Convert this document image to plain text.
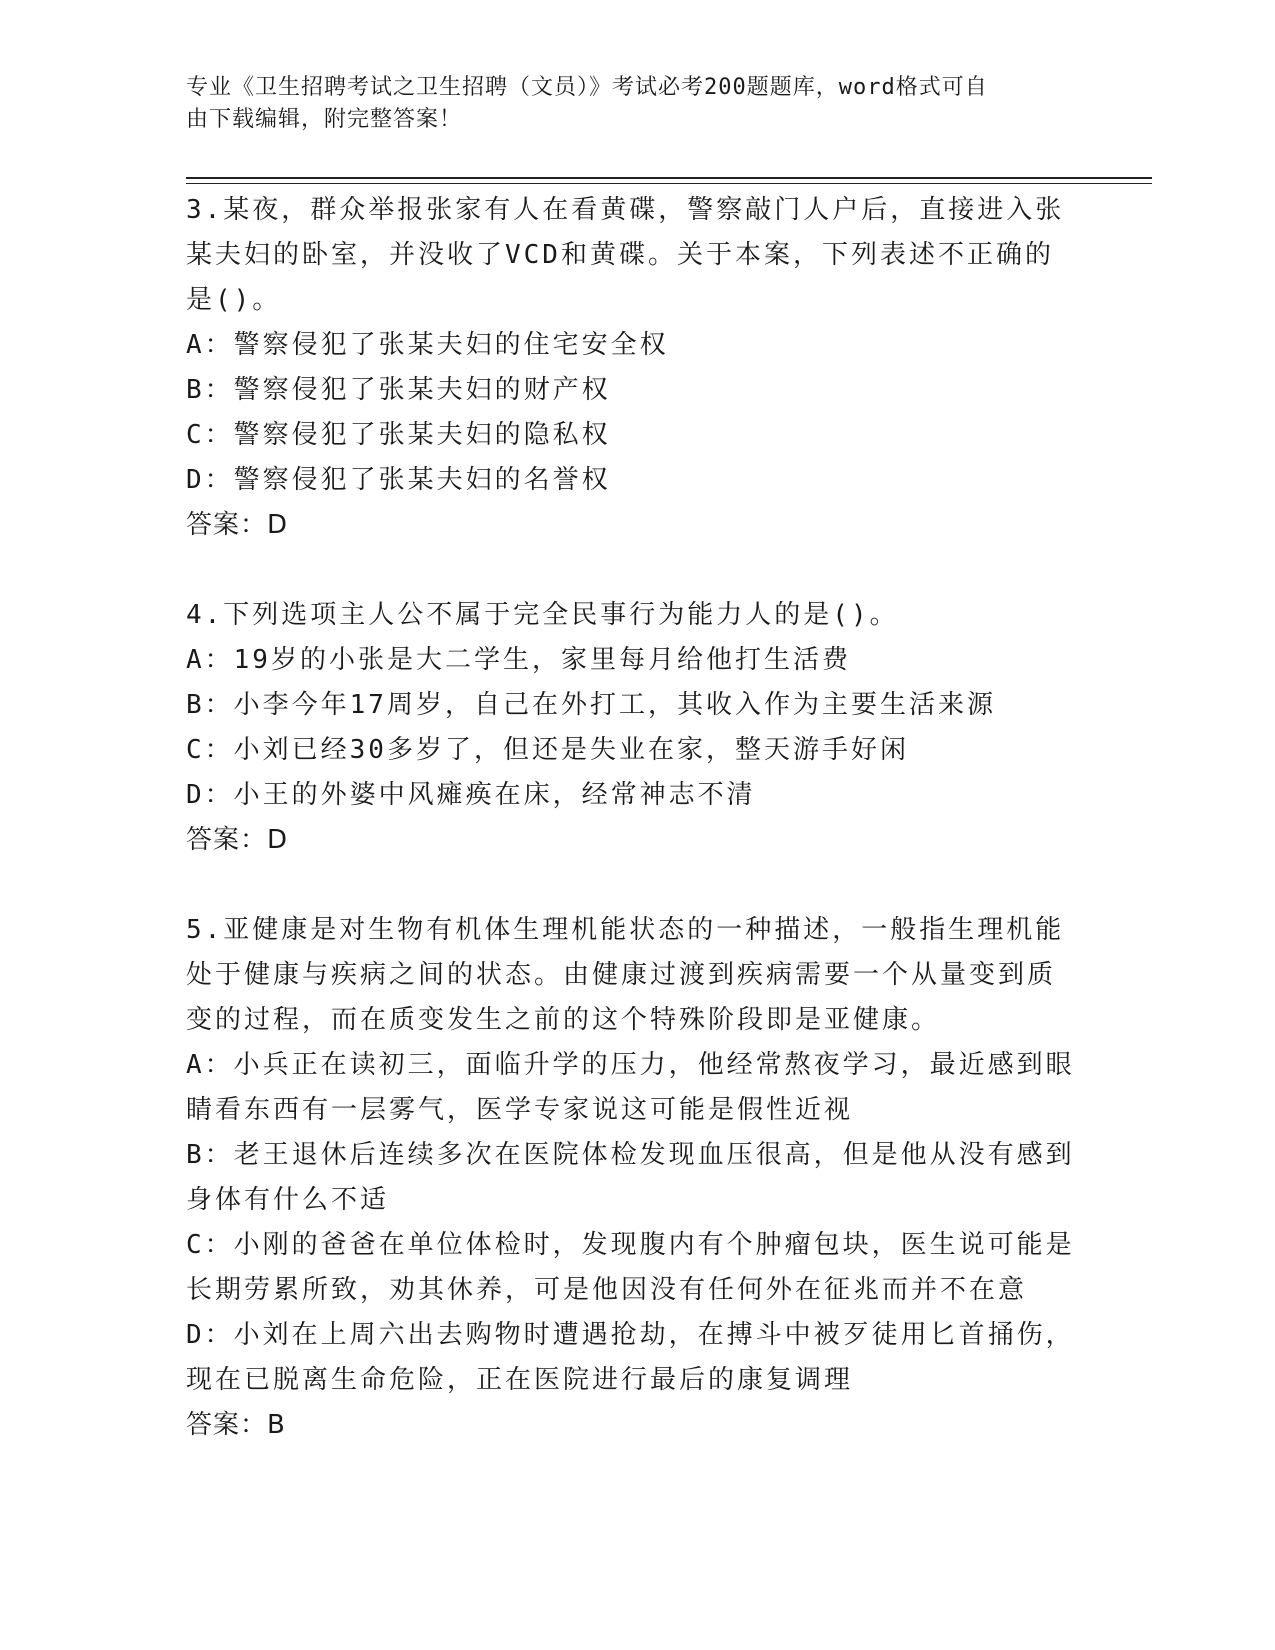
专业《卫生招聘考试之卫生招聘（文员）》考试必考200题题库，word格式可自
由下载编辑，附完整答案！
3.某夜，群众举报张家有人在看黄碟，警察敲门人户后，直接进入张
某夫妇的卧室，并没收了VCD和黄碟。关于本案，下列表述不正确的
是()。
A：警察侵犯了张某夫妇的住宅安全权
B：警察侵犯了张某夫妇的财产权
C：警察侵犯了张某夫妇的隐私权
D：警察侵犯了张某夫妇的名誉权
答案：D
4.下列选项主人公不属于完全民事行为能力人的是()。
A：19岁的小张是大二学生，家里每月给他打生活费
B：小李今年17周岁，自己在外打工，其收入作为主要生活来源
C：小刘已经30多岁了，但还是失业在家，整天游手好闲
D：小王的外婆中风瘫痪在床，经常神志不清
答案：D
5.亚健康是对生物有机体生理机能状态的一种描述，一般指生理机能
处于健康与疾病之间的状态。由健康过渡到疾病需要一个从量变到质
变的过程，而在质变发生之前的这个特殊阶段即是亚健康。
A：小兵正在读初三，面临升学的压力，他经常熬夜学习，最近感到眼
睛看东西有一层雾气，医学专家说这可能是假性近视
B：老王退休后连续多次在医院体检发现血压很高，但是他从没有感到
身体有什么不适
C：小刚的爸爸在单位体检时，发现腹内有个肿瘤包块，医生说可能是
长期劳累所致，劝其休养，可是他因没有任何外在征兆而并不在意
D：小刘在上周六出去购物时遭遇抢劫，在搏斗中被歹徒用匕首捅伤，
现在已脱离生命危险，正在医院进行最后的康复调理
答案：B
